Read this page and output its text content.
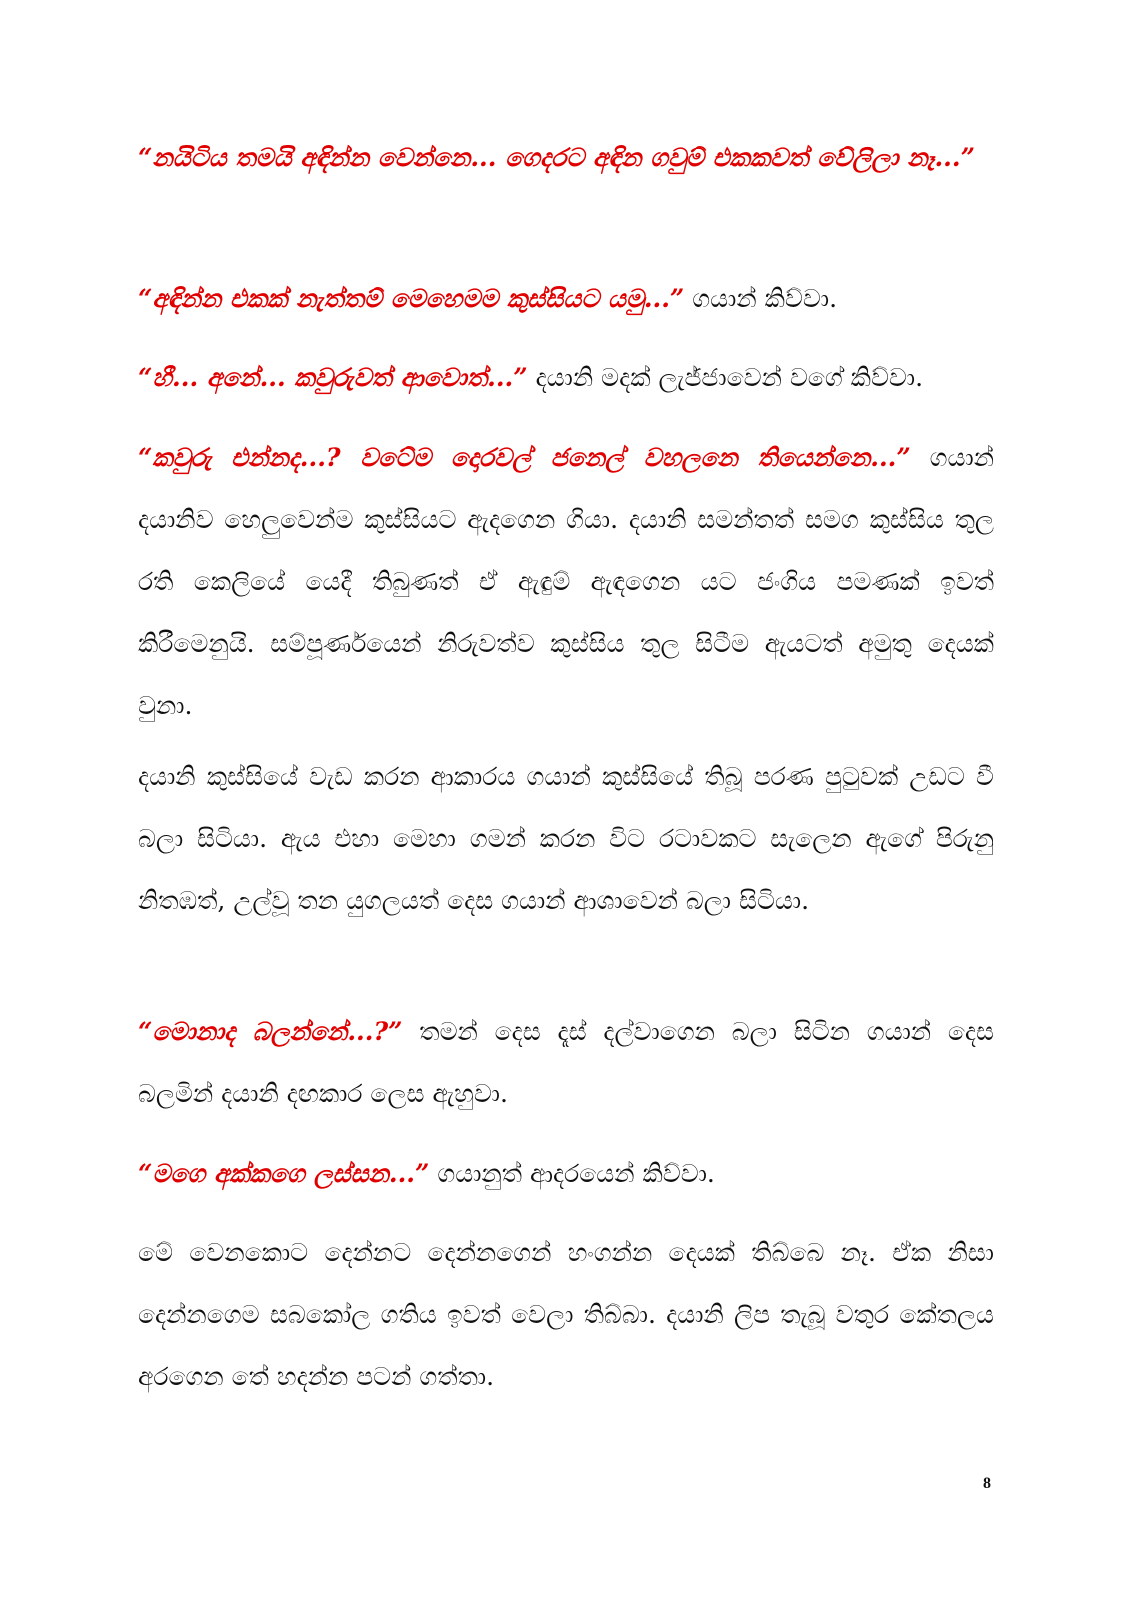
“නයිටිය තමයි අඳින්න වෙන්නෙ... ගෙදරට අඳින ගවුම් එකකවත් වේලිලා නෑ...”

“අඳින්න එකක් නැත්තම් මෙහෙමම කුස්සියට යමු...” ගයාන් කිව්වා.

“හී... අනේ... කවුරුවත් ආවොත්...” දයානි මදක් ලැජ්ජාවෙන් වගේ කිව්වා.

“කවුරු එන්නද...? වටේම දොරවල් ජනෙල් වහලනෙ තියෙන්නෙ...” ගයාන් දයානිව හෙලුවෙන්ම කුස්සියට ඇදගෙන ගියා. දයානි සමන්තත් සමග කුස්සිය තුල රති කෙලියේ යෙදී තිබුණත් ඒ ඇඳුම් ඇඳගෙන යට ජංගිය පමණක් ඉවත් කිරීමෙනුයි. සම්පූර්ණයෙන් නිරුවත්ව කුස්සිය තුල සිටීම ඇයටත් අමුතු දෙයක් වුනා.

දයානි කුස්සියේ වැඩ කරන ආකාරය ගයාන් කුස්සියේ තිබූ පරණ පුටුවක් උඩට වී බලා සිටියා. ඇය එහා මෙහා ගමන් කරන විට රටාවකට සැලෙන ඇගේ පිරුනු නිතඹත්, උල්වූ තන යුගලයත් දෙස ගයාන් ආශාවෙන් බලා සිටියා.

“මොනාද බලන්නේ...?” තමන් දෙස දෑස් දල්වාගෙන බලා සිටින ගයාන් දෙස බලමින් දයානි දඟකාර ලෙස ඇහුවා.

“මගෙ අක්කගෙ ලස්සන...” ගයානුත් ආදරයෙන් කිව්වා.

මේ වෙනකොට දෙන්නට දෙන්නගෙන් හංගන්න දෙයක් තිබ්බෙ නෑ. ඒක නිසා දෙන්නගෙම සබකෝල ගතිය ඉවත් වෙලා තිබ්බා. දයානි ලිප තැබූ වතුර කේතලය අරගෙන තේ හදන්න පටන් ගත්තා.

8
